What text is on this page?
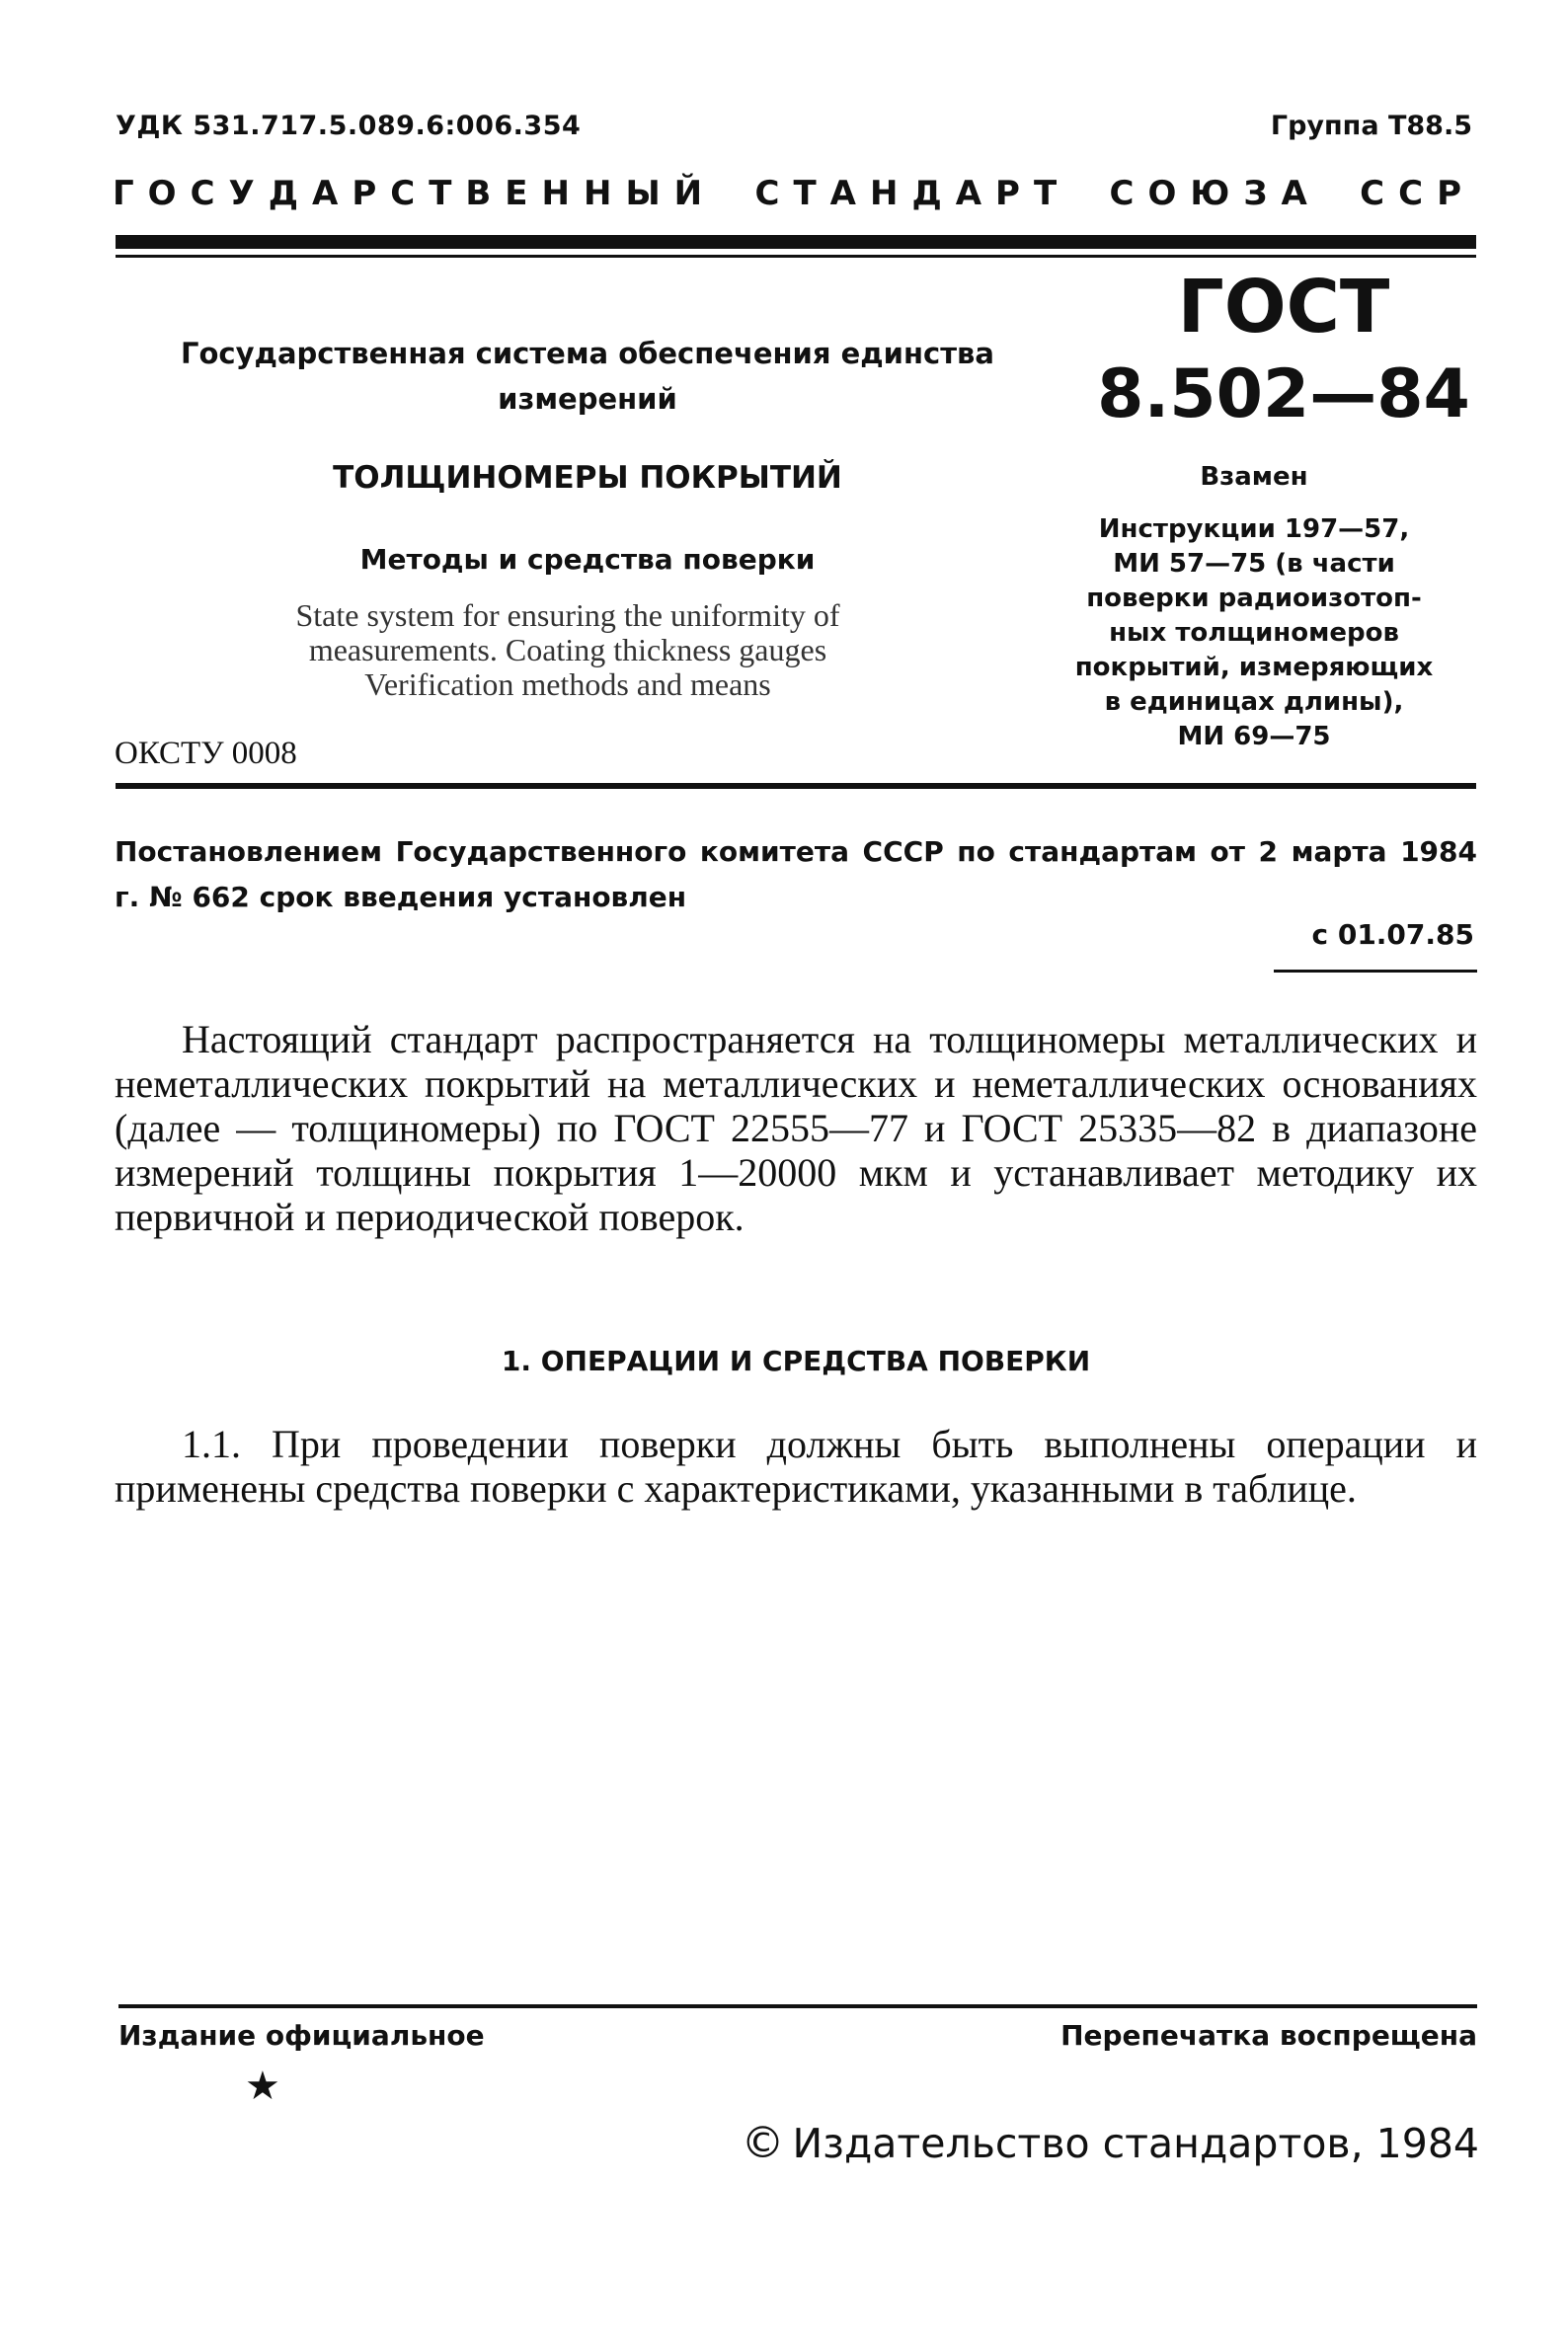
УДК 531.717.5.089.6:006.354	Группа Т88.5
ГОСУДАРСТВЕННЫЙ СТАНДАРТ СОЮЗА ССР
Государственная система обеспечения единства
измерений
ГОСТ
8.502—84
ТОЛЩИНОМЕРЫ ПОКРЫТИЙ
Методы и средства поверки
State system for ensuring the uniformity of
measurements. Coating thickness gauges
Verification methods and means
ОКСТУ 0008
Взамен
Инструкции 197—57,
МИ 57—75 (в части
поверки радиоизотоп-
ных толщиномеров
покрытий, измеряющих
в единицах длины),
МИ 69—75
Постановлением Государственного комитета СССР по стандартам от 2 марта 1984 г. № 662 срок введения установлен
с 01.07.85
Настоящий стандарт распространяется на толщиномеры металлических и неметаллических покрытий на металлических и неметаллических основаниях (далее — толщиномеры) по ГОСТ 22555—77 и ГОСТ 25335—82 в диапазоне измерений толщины покрытия 1—20000 мкм и устанавливает методику их первичной и периодической поверок.
1. ОПЕРАЦИИ И СРЕДСТВА ПОВЕРКИ
1.1. При проведении поверки должны быть выполнены операции и применены средства поверки с характеристиками, указанными в таблице.
Издание официальное	Перепечатка воспрещена
★
© Издательство стандартов, 1984
